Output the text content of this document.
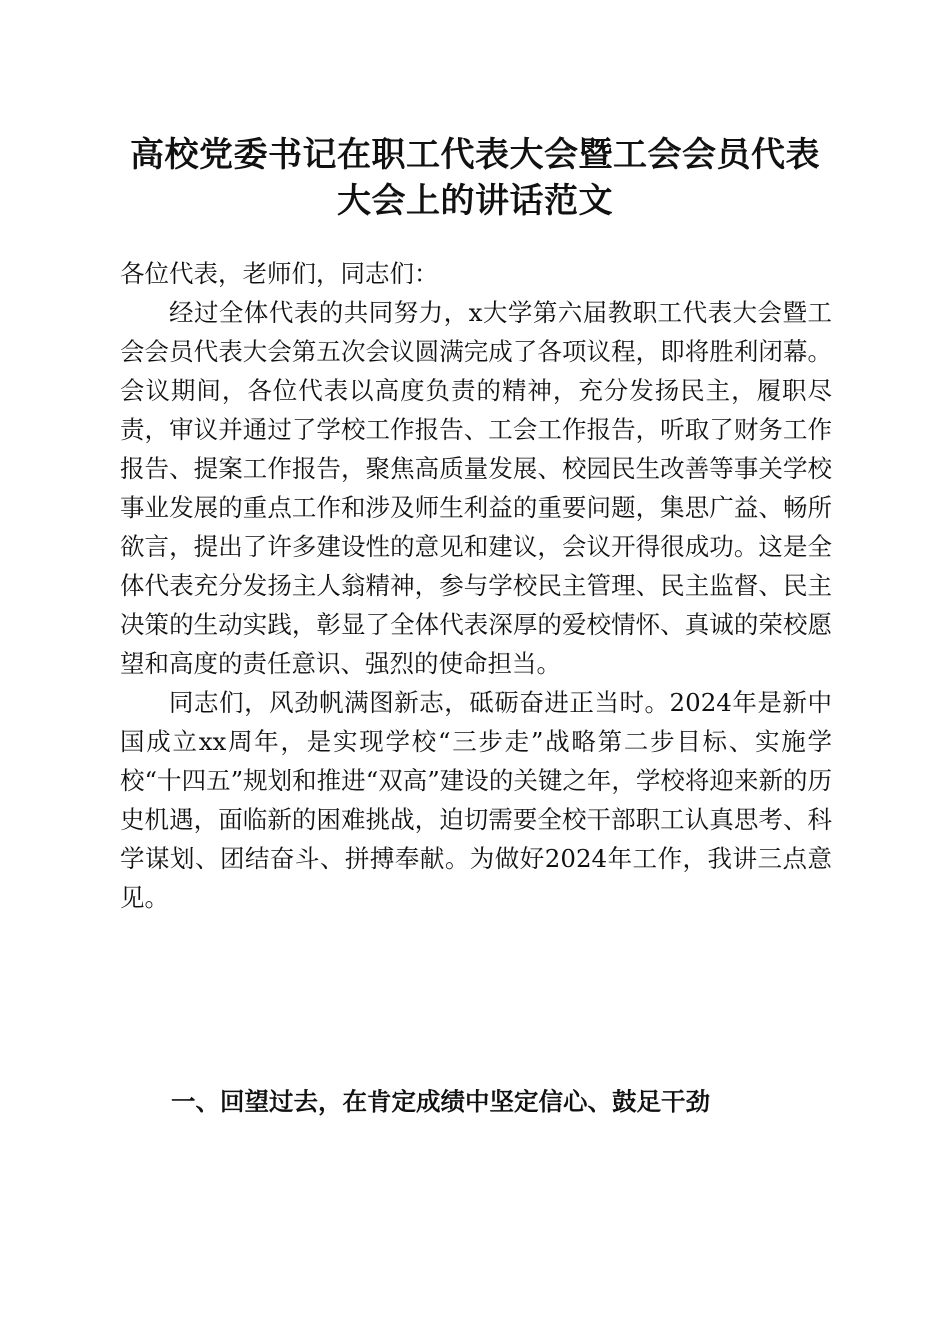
高校党委书记在职工代表大会暨工会会员代表
大会上的讲话范文

各位代表，老师们，同志们：

经过全体代表的共同努力，x大学第六届教职工代表大会暨工会会员代表大会第五次会议圆满完成了各项议程，即将胜利闭幕。会议期间，各位代表以高度负责的精神，充分发扬民主，履职尽责，审议并通过了学校工作报告、工会工作报告，听取了财务工作报告、提案工作报告，聚焦高质量发展、校园民生改善等事关学校事业发展的重点工作和涉及师生利益的重要问题，集思广益、畅所欲言，提出了许多建设性的意见和建议，会议开得很成功。这是全体代表充分发扬主人翁精神，参与学校民主管理、民主监督、民主决策的生动实践，彰显了全体代表深厚的爱校情怀、真诚的荣校愿望和高度的责任意识、强烈的使命担当。

同志们，风劲帆满图新志，砥砺奋进正当时。2024年是新中国成立xx周年，是实现学校“三步走”战略第二步目标、实施学校“十四五”规划和推进“双高”建设的关键之年，学校将迎来新的历史机遇，面临新的困难挑战，迫切需要全校干部职工认真思考、科学谋划、团结奋斗、拼搏奉献。为做好2024年工作，我讲三点意见。

一、回望过去，在肯定成绩中坚定信心、鼓足干劲
